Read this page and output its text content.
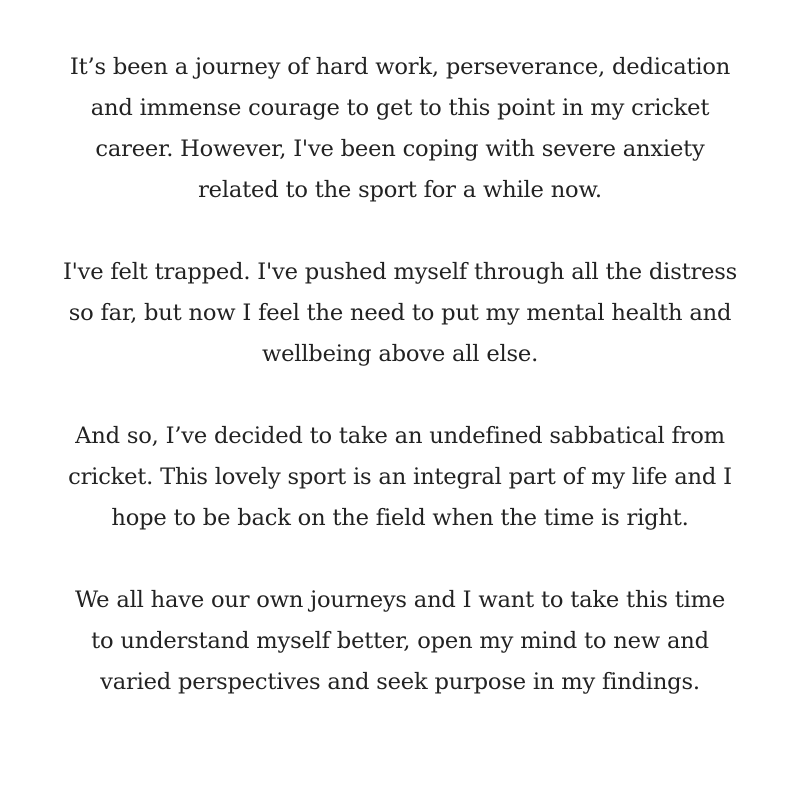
It’s been a journey of hard work, perseverance, dedication
and immense courage to get to this point in my cricket
career. However, I've been coping with severe anxiety
related to the sport for a while now.

I've felt trapped. I've pushed myself through all the distress
so far, but now I feel the need to put my mental health and
wellbeing above all else.

And so, I’ve decided to take an undefined sabbatical from
cricket. This lovely sport is an integral part of my life and I
hope to be back on the field when the time is right.

We all have our own journeys and I want to take this time
to understand myself better, open my mind to new and
varied perspectives and seek purpose in my findings.
